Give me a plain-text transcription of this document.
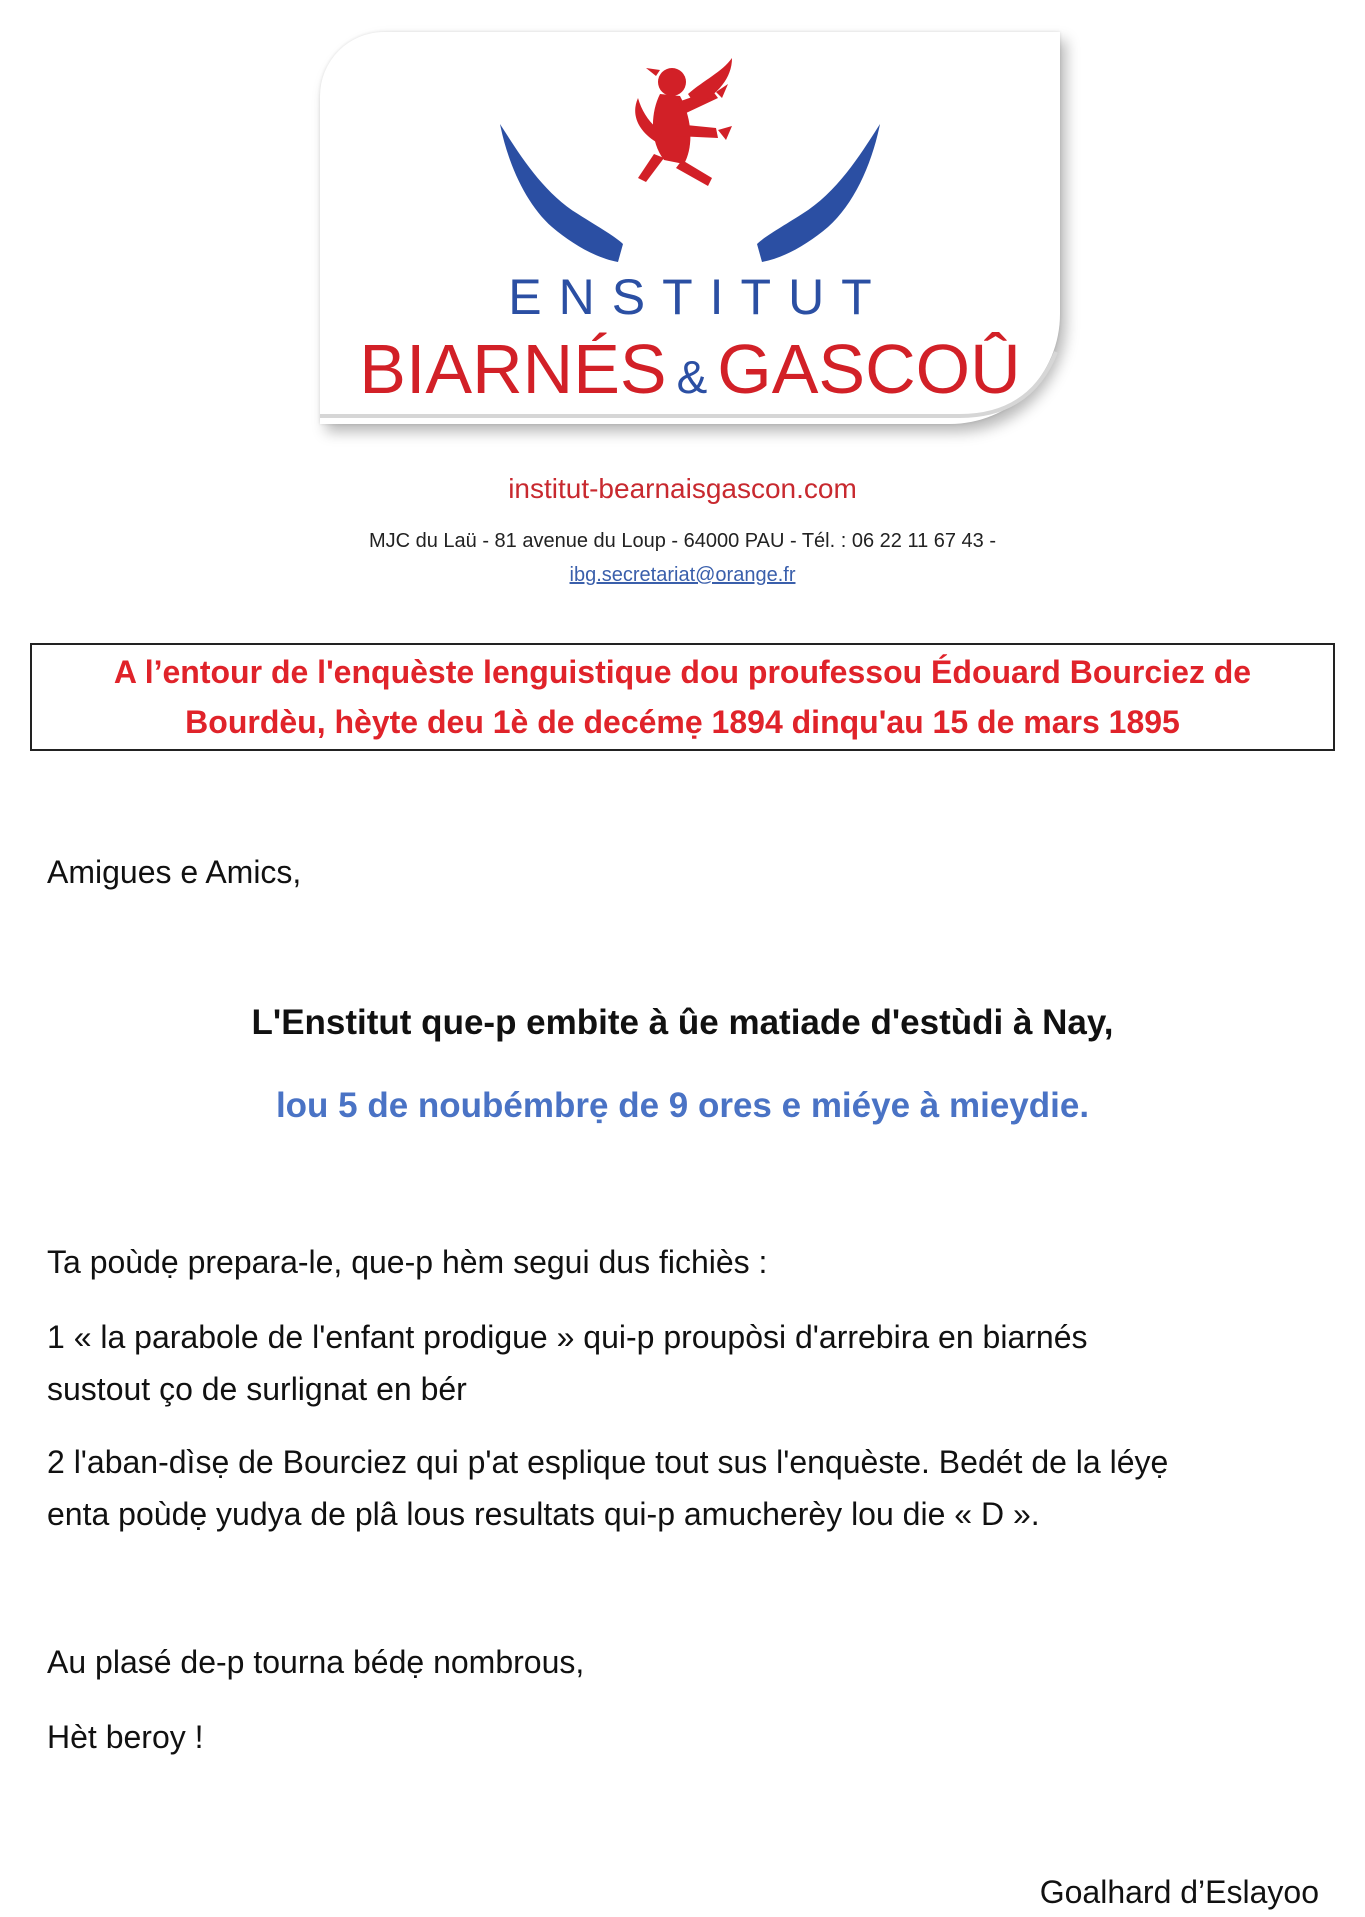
ENSTITUT
BIARNÉS & GASCOÛ
institut-bearnaisgascon.com
MJC du Laü - 81 avenue du Loup - 64000 PAU - Tél. : 06 22 11 67 43 -
ibg.secretariat@orange.fr
A l’entour de l'enquèste lenguistique dou proufessou Édouard Bourciez de
Bourdèu, hèyte deu 1è de decémẹ 1894 dinqu'au 15 de mars 1895
Amigues e Amics,
L'Enstitut que-p embite à ûe matiade d'estùdi à Nay,
lou 5 de noubémbrẹ de 9 ores e miéye à mieydie.
Ta poùdẹ prepara-le, que-p hèm segui dus fichiès :
1 « la parabole de l'enfant prodigue » qui-p proupòsi d'arrebira en biarnés
sustout ço de surlignat en bér
2 l'aban-dìsẹ de Bourciez qui p'at esplique tout sus l'enquèste. Bedét de la léyẹ
enta poùdẹ yudya de plâ lous resultats qui-p amucherèy lou die « D ».
Au plasé de-p tourna bédẹ nombrous,
Hèt beroy !
Goalhard d’Eslayoo
